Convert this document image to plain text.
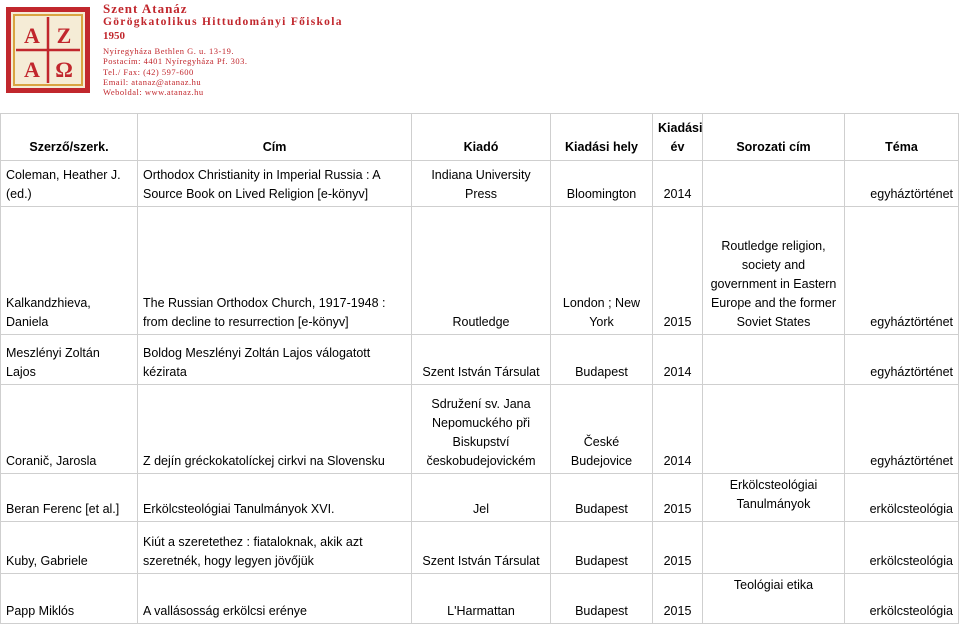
A Z
A Ω
Szent Atanáz
Görögkatolikus Hittudományi Főiskola
1950
Nyíregyháza Bethlen G. u. 13-19.
Postacím: 4401 Nyíregyháza Pf. 303.
Tel./ Fax: (42) 597-600
Email: atanaz@atanaz.hu
Weboldal: www.atanaz.hu
Szerző/szerk.	Cím	Kiadó	Kiadási hely	Kiadási év	Sorozati cím	Téma
Coleman, Heather J. (ed.)	Orthodox Christianity in Imperial Russia : A Source Book on Lived Religion [e-könyv]	Indiana University Press	Bloomington	2014		egyháztörténet
Kalkandzhieva, Daniela	The Russian Orthodox Church, 1917-1948 : from decline to resurrection [e-könyv]	Routledge	London ; New York	2015	Routledge religion, society and government in Eastern Europe and the former Soviet States	egyháztörténet
Meszlényi Zoltán Lajos	Boldog Meszlényi Zoltán Lajos válogatott kézirata	Szent István Társulat	Budapest	2014		egyháztörténet
Coranič, Jarosla	Z dejín gréckokatolíckej cirkvi na Slovensku	Sdružení sv. Jana Nepomuckého při Biskupství českobudejovickém	České Budejovice	2014		egyháztörténet
Beran Ferenc [et al.]	Erkölcsteológiai Tanulmányok XVI.	Jel	Budapest	2015	Erkölcsteológiai Tanulmányok	erkölcsteológia
Kuby, Gabriele	Kiút a szeretethez : fiataloknak, akik azt szeretnék, hogy legyen jövőjük	Szent István Társulat	Budapest	2015		erkölcsteológia
Papp Miklós	A vallásosság erkölcsi erénye	L'Harmattan	Budapest	2015	Teológiai etika	erkölcsteológia
